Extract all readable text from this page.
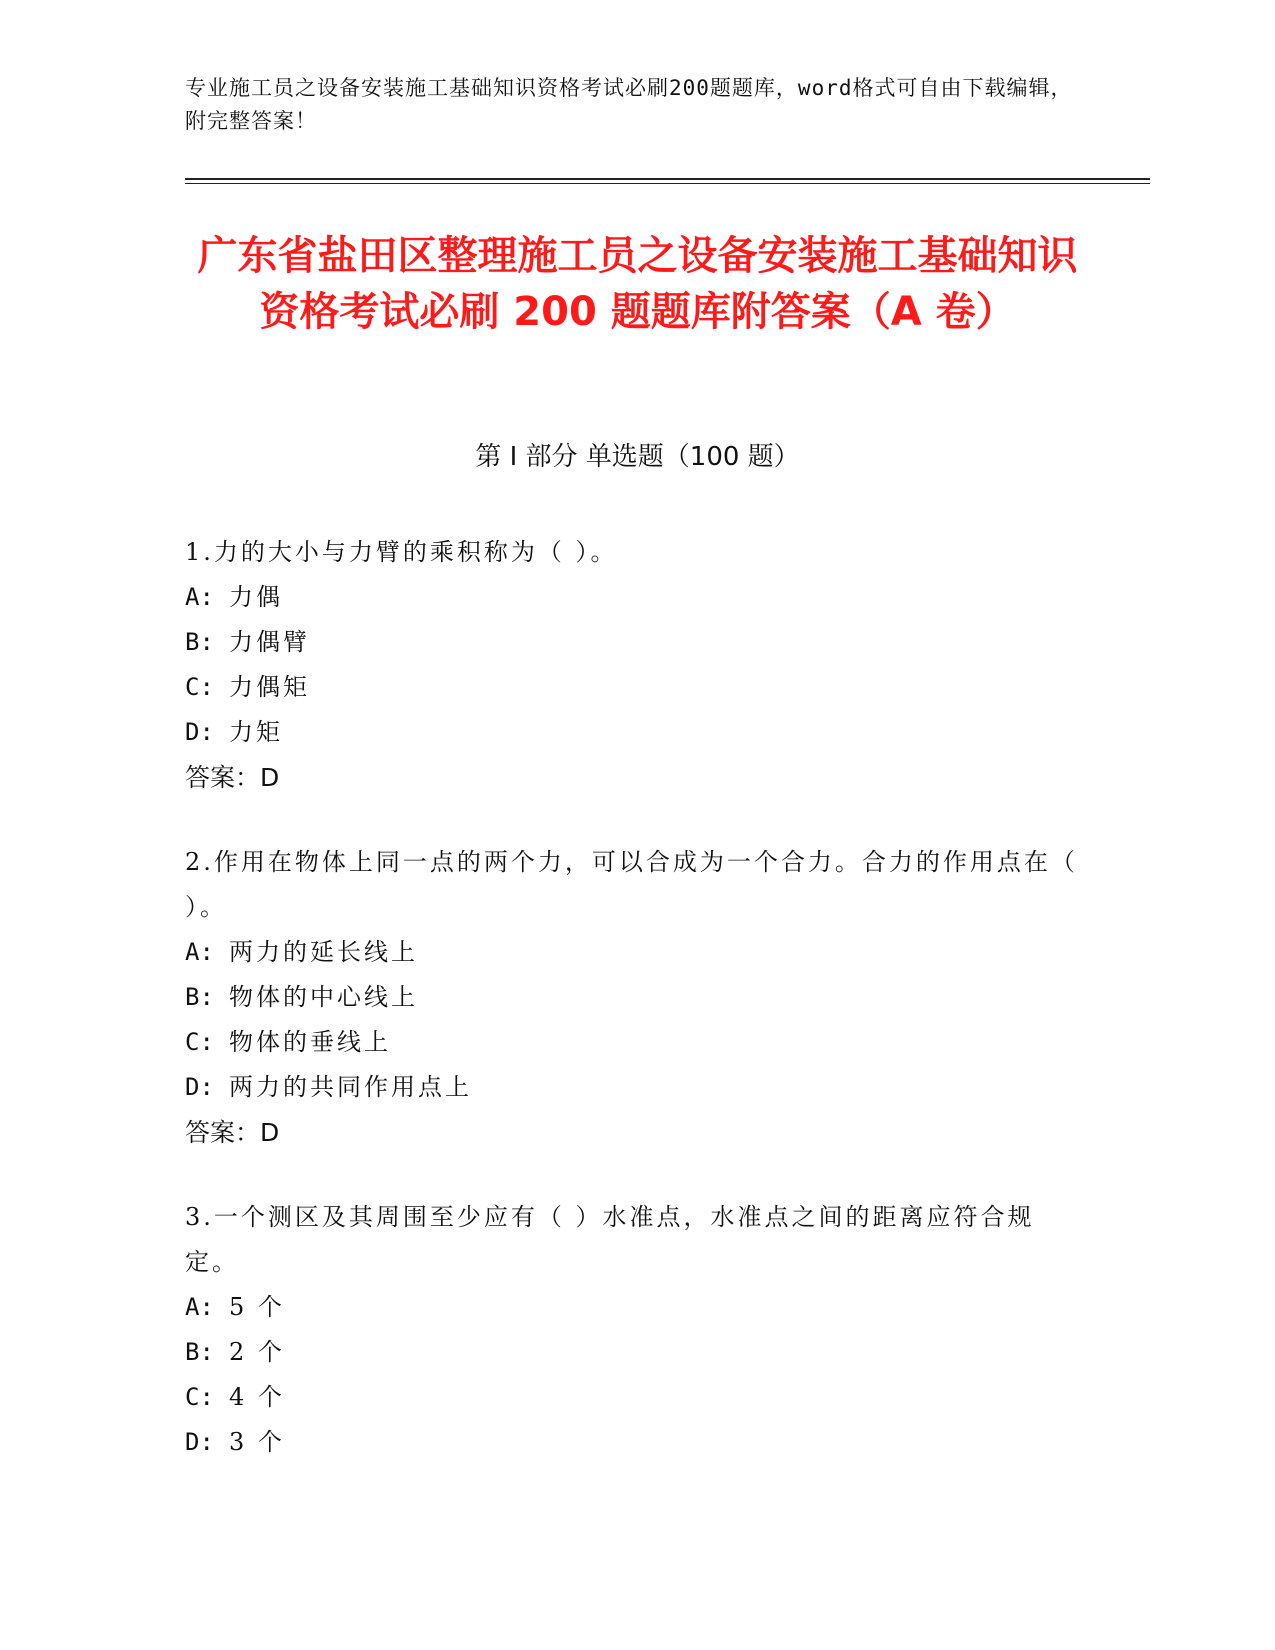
专业施工员之设备安装施工基础知识资格考试必刷200题题库，word格式可自由下载编辑，附完整答案！
广东省盐田区整理施工员之设备安装施工基础知识资格考试必刷 200 题题库附答案（A 卷）
第 I 部分 单选题（100 题）
1.力的大小与力臂的乘积称为（ ）。
A: 力偶
B: 力偶臂
C: 力偶矩
D: 力矩
答案：D
2.作用在物体上同一点的两个力，可以合成为一个合力。合力的作用点在（ ）。
A: 两力的延长线上
B: 物体的中心线上
C: 物体的垂线上
D: 两力的共同作用点上
答案：D
3.一个测区及其周围至少应有（ ）水准点，水准点之间的距离应符合规定。
A: 5 个
B: 2 个
C: 4 个
D: 3 个
